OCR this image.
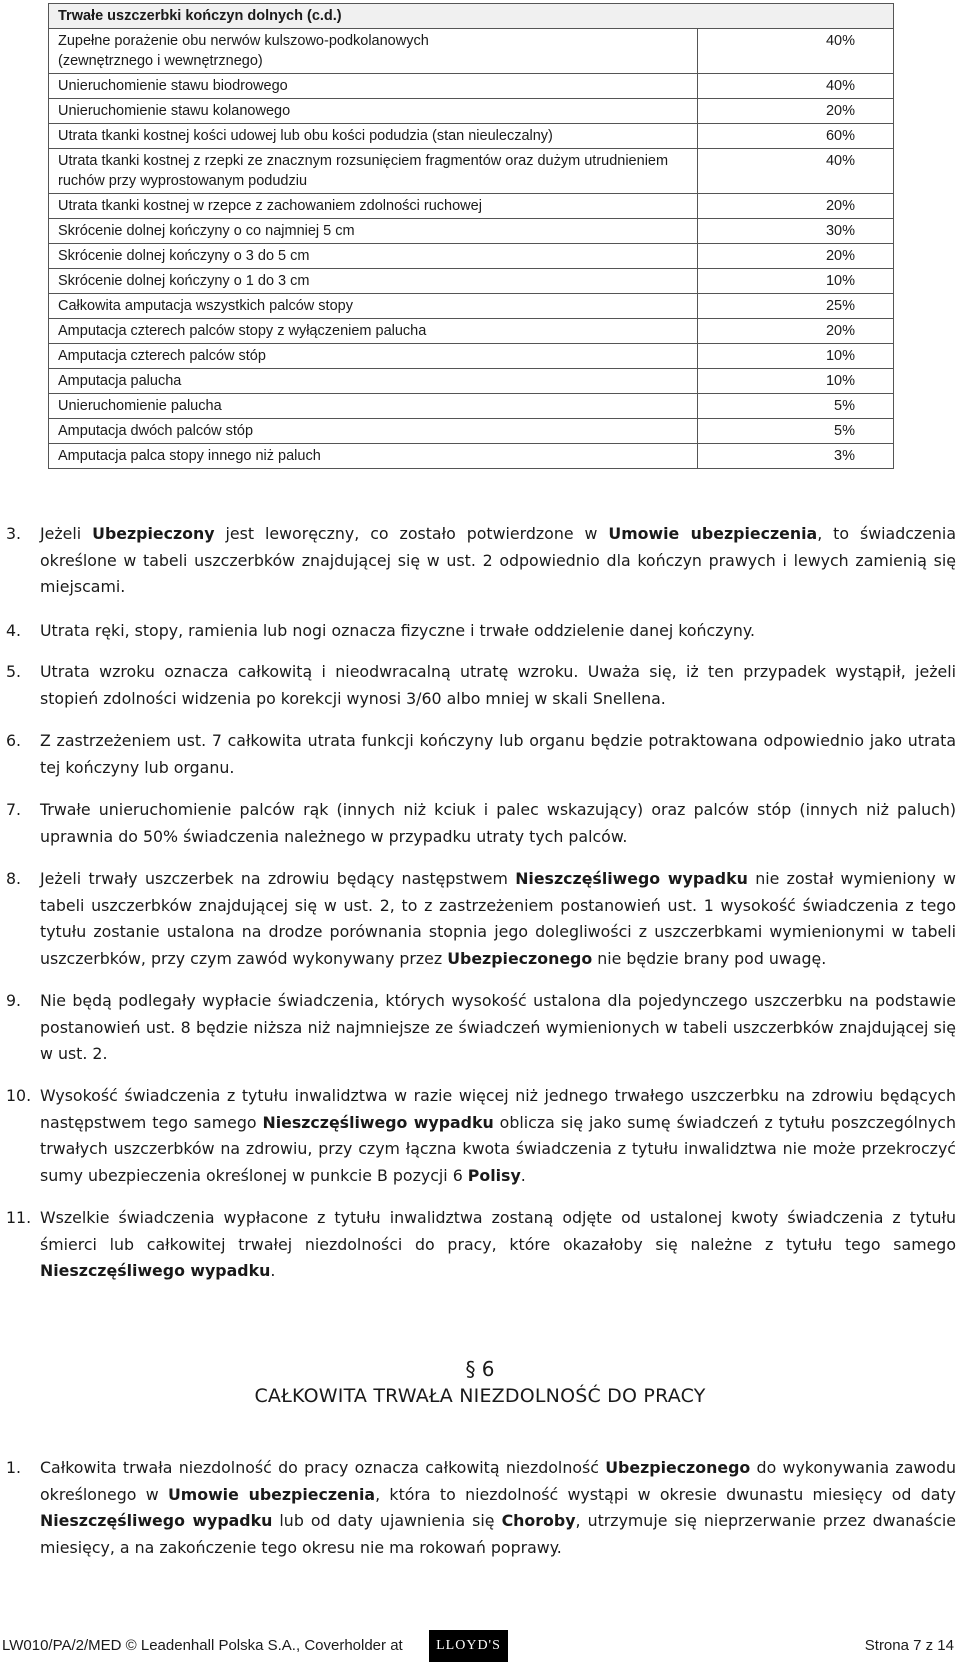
Trwałe uszczerbki kończyn dolnych (c.d.)	
Zupełne porażenie obu nerwów kulszowo-podkolanowych
(zewnętrznego i wewnętrznego)	40%
Unieruchomienie stawu biodrowego	40%
Unieruchomienie stawu kolanowego	20%
Utrata tkanki kostnej kości udowej lub obu kości podudzia (stan nieuleczalny)	60%
Utrata tkanki kostnej z rzepki ze znacznym rozsunięciem fragmentów oraz dużym utrudnieniem ruchów przy wyprostowanym podudziu	40%
Utrata tkanki kostnej w rzepce z zachowaniem zdolności ruchowej	20%
Skrócenie dolnej kończyny o co najmniej 5 cm	30%
Skrócenie dolnej kończyny o 3 do 5 cm	20%
Skrócenie dolnej kończyny o 1 do 3 cm	10%
Całkowita amputacja wszystkich palców stopy	25%
Amputacja czterech palców stopy z wyłączeniem palucha	20%
Amputacja czterech palców stóp	10%
Amputacja palucha	10%
Unieruchomienie palucha	5%
Amputacja dwóch palców stóp	5%
Amputacja palca stopy innego niż paluch	3%
3. Jeżeli Ubezpieczony jest leworęczny, co zostało potwierdzone w Umowie ubezpieczenia, to świadczenia określone w tabeli uszczerbków znajdującej się w ust. 2 odpowiednio dla kończyn prawych i lewych zamienią się miejscami.
4. Utrata ręki, stopy, ramienia lub nogi oznacza fizyczne i trwałe oddzielenie danej kończyny.
5. Utrata wzroku oznacza całkowitą i nieodwracalną utratę wzroku. Uważa się, iż ten przypadek wystąpił, jeżeli stopień zdolności widzenia po korekcji wynosi 3/60 albo mniej w skali Snellena.
6. Z zastrzeżeniem ust. 7 całkowita utrata funkcji kończyny lub organu będzie potraktowana odpowiednio jako utrata tej kończyny lub organu.
7. Trwałe unieruchomienie palców rąk (innych niż kciuk i palec wskazujący) oraz palców stóp (innych niż paluch) uprawnia do 50% świadczenia należnego w przypadku utraty tych palców.
8. Jeżeli trwały uszczerbek na zdrowiu będący następstwem Nieszczęśliwego wypadku nie został wymieniony w tabeli uszczerbków znajdującej się w ust. 2, to z zastrzeżeniem postanowień ust. 1 wysokość świadczenia z tego tytułu zostanie ustalona na drodze porównania stopnia jego dolegliwości z uszczerbkami wymienionymi w tabeli uszczerbków, przy czym zawód wykonywany przez Ubezpieczonego nie będzie brany pod uwagę.
9. Nie będą podlegały wypłacie świadczenia, których wysokość ustalona dla pojedynczego uszczerbku na podstawie postanowień ust. 8 będzie niższa niż najmniejsze ze świadczeń wymienionych w tabeli uszczerbków znajdującej się w ust. 2.
10. Wysokość świadczenia z tytułu inwalidztwa w razie więcej niż jednego trwałego uszczerbku na zdrowiu będących następstwem tego samego Nieszczęśliwego wypadku oblicza się jako sumę świadczeń z tytułu poszczególnych trwałych uszczerbków na zdrowiu, przy czym łączna kwota świadczenia z tytułu inwalidztwa nie może przekroczyć sumy ubezpieczenia określonej w punkcie B pozycji 6 Polisy.
11. Wszelkie świadczenia wypłacone z tytułu inwalidztwa zostaną odjęte od ustalonej kwoty świadczenia z tytułu śmierci lub całkowitej trwałej niezdolności do pracy, które okazałoby się należne z tytułu tego samego Nieszczęśliwego wypadku.
§ 6
CAŁKOWITA TRWAŁA NIEZDOLNOŚĆ DO PRACY
1. Całkowita trwała niezdolność do pracy oznacza całkowitą niezdolność Ubezpieczonego do wykonywania zawodu określonego w Umowie ubezpieczenia, która to niezdolność wystąpi w okresie dwunastu miesięcy od daty Nieszczęśliwego wypadku lub od daty ujawnienia się Choroby, utrzymuje się nieprzerwanie przez dwanaście miesięcy, a na zakończenie tego okresu nie ma rokowań poprawy.
LW010/PA/2/MED © Leadenhall Polska S.A., Coverholder at	LLOYD'S	Strona 7 z 14
